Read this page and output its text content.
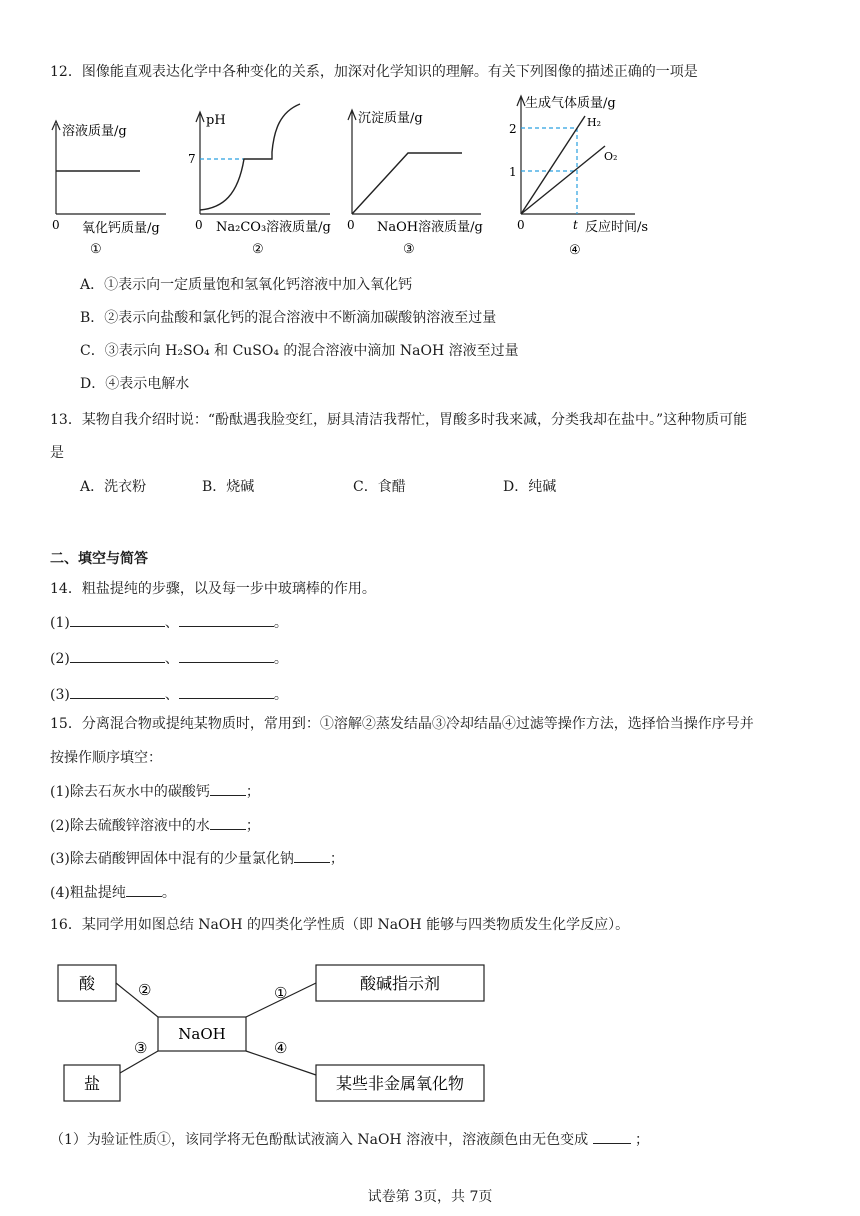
12．图像能直观表达化学中各种变化的关系，加深对化学知识的理解。有关下列图像的描述正确的一项是
溶液质量/g
0 氧化钙质量/g
①
pH
7
0 Na₂CO₃溶液质量/g
②
沉淀质量/g
0 NaOH溶液质量/g
③
生成气体质量/g
2
1
0	t 反应时间/s
H₂
O₂
④
A．①表示向一定质量饱和氢氧化钙溶液中加入氧化钙
B．②表示向盐酸和氯化钙的混合溶液中不断滴加碳酸钠溶液至过量
C．③表示向 H₂SO₄ 和 CuSO₄ 的混合溶液中滴加 NaOH 溶液至过量
D．④表示电解水
13．某物自我介绍时说：“酚酞遇我脸变红，厨具清洁我帮忙，胃酸多时我来减，分类我却在盐中。”这种物质可能
是
A．洗衣粉	B．烧碱	C．食醋	D．纯碱
二、填空与简答
14．粗盐提纯的步骤，以及每一步中玻璃棒的作用。
(1)	、	。
(2)	、	。
(3)	、	。
15．分离混合物或提纯某物质时，常用到：①溶解②蒸发结晶③冷却结晶④过滤等操作方法，选择恰当操作序号并
按操作顺序填空：
(1)除去石灰水中的碳酸钙	；
(2)除去硫酸锌溶液中的水	；
(3)除去硝酸钾固体中混有的少量氯化钠	；
(4)粗盐提纯	。
16．某同学用如图总结 NaOH 的四类化学性质（即 NaOH 能够与四类物质发生化学反应）。
酸	酸碱指示剂
NaOH
盐	某些非金属氧化物
②	①
③	④
（1）为验证性质①，该同学将无色酚酞试液滴入 NaOH 溶液中，溶液颜色由无色变成	；
试卷第 3页，共 7页
